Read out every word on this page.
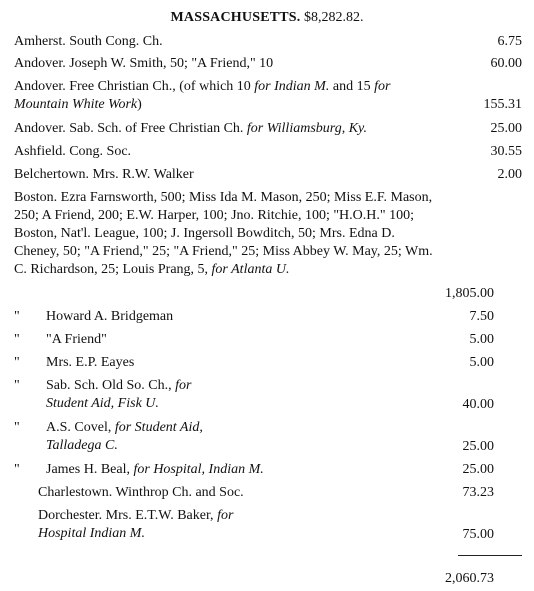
MASSACHUSETTS. $8,282.82.
Amherst. South Cong. Ch.	6.75
Andover. Joseph W. Smith, 50; "A Friend," 10	60.00
Andover. Free Christian Ch., (of which 10 for Indian M. and 15 for Mountain White Work)	155.31
Andover. Sab. Sch. of Free Christian Ch. for Williamsburg, Ky.	25.00
Ashfield. Cong. Soc.	30.55
Belchertown. Mrs. R.W. Walker	2.00
Boston. Ezra Farnsworth, 500; Miss Ida M. Mason, 250; Miss E.F. Mason, 250; A Friend, 200; E.W. Harper, 100; Jno. Ritchie, 100; "H.O.H." 100; Boston, Nat'l. League, 100; J. Ingersoll Bowditch, 50; Mrs. Edna D. Cheney, 50; "A Friend," 25; "A Friend," 25; Miss Abbey W. May, 25; Wm. C. Richardson, 25; Louis Prang, 5, for Atlanta U.
1,805.00
"	Howard A. Bridgeman	7.50
"	"A Friend"	5.00
"	Mrs. E.P. Eayes	5.00
"	Sab. Sch. Old So. Ch., for Student Aid, Fisk U.	40.00
"	A.S. Covel, for Student Aid, Talladega C.	25.00
"	James H. Beal, for Hospital, Indian M.	25.00
Charlestown. Winthrop Ch. and Soc.	73.23
Dorchester. Mrs. E.T.W. Baker, for Hospital Indian M.	75.00
2,060.73
